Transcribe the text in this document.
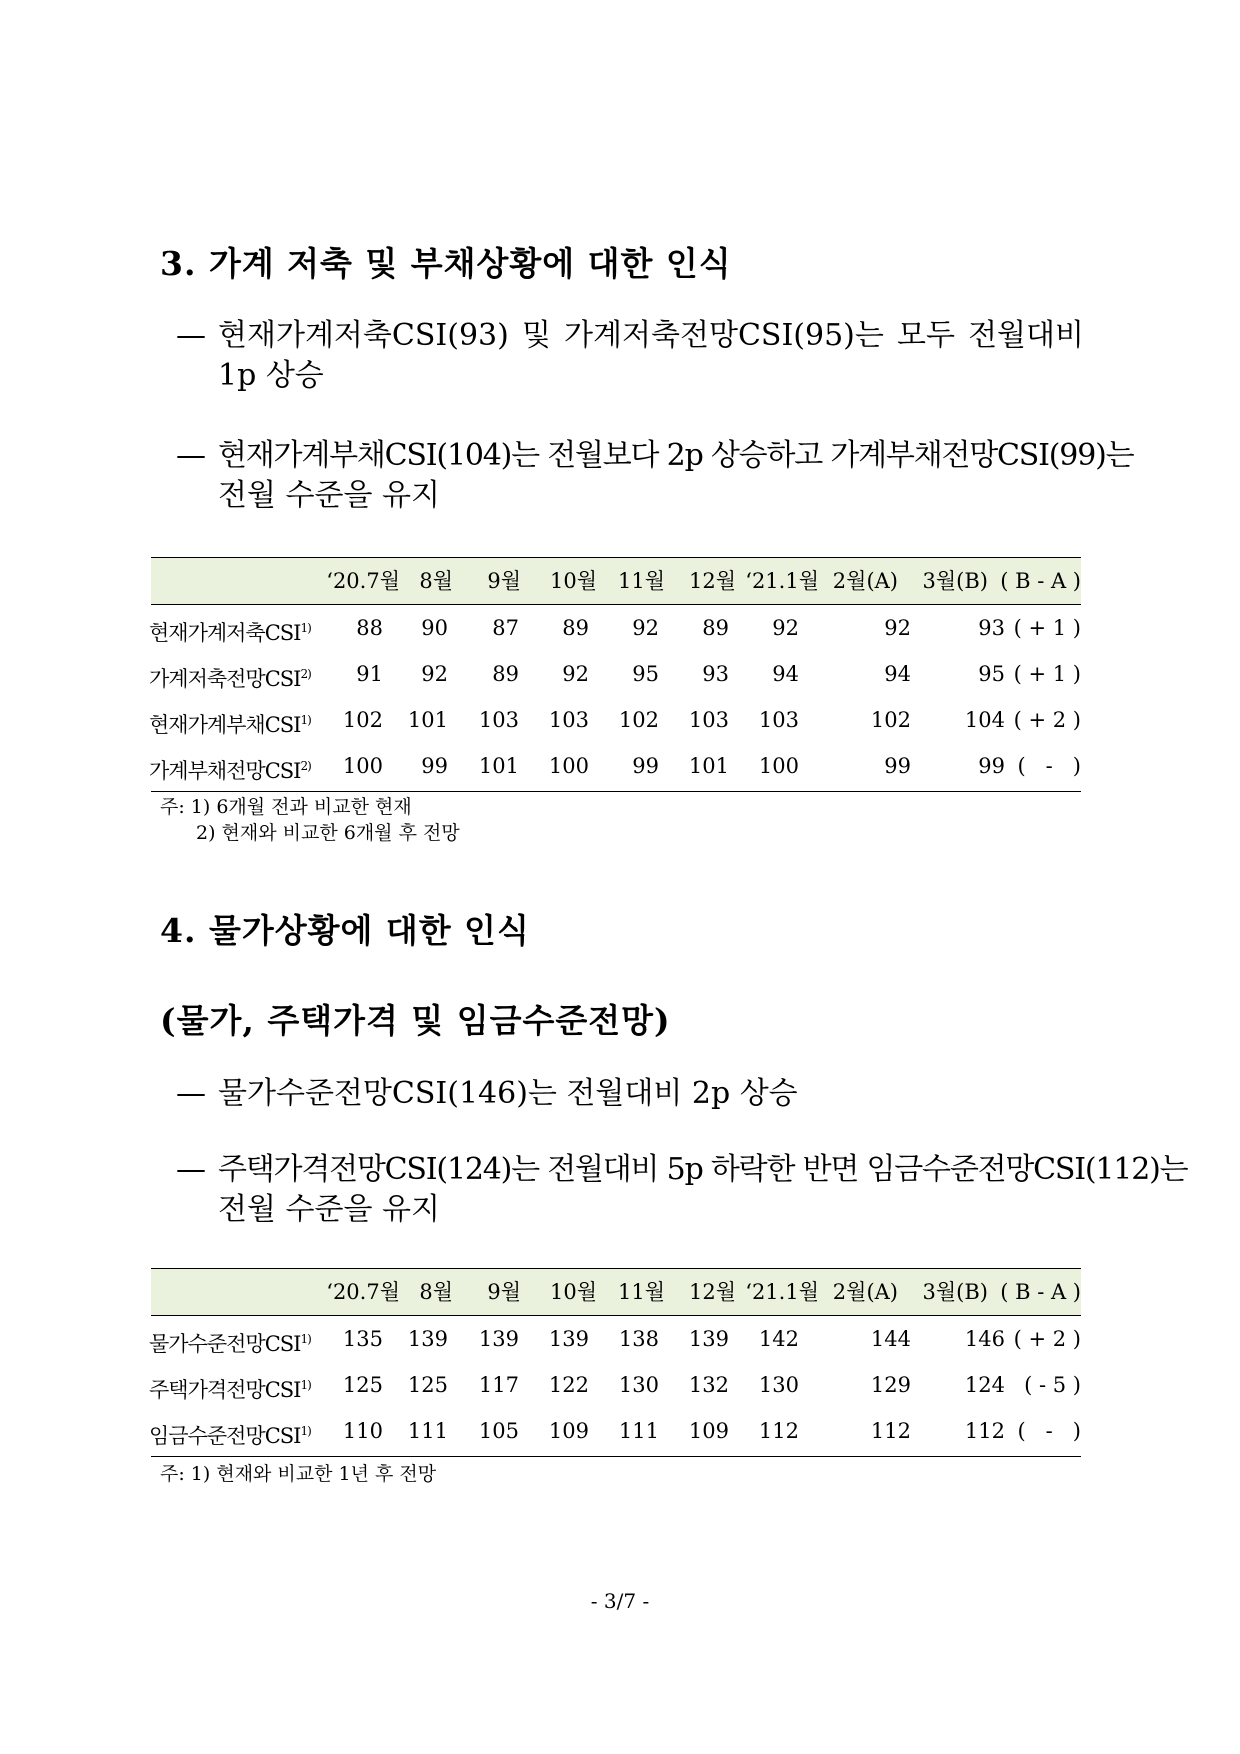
3. 가계 저축 및 부채상황에 대한 인식
— 현재가계저축CSI(93) 및 가계저축전망CSI(95)는 모두 전월대비
1p 상승
— 현재가계부채CSI(104)는 전월보다 2p 상승하고 가계부채전망CSI(99)는
전월 수준을 유지
‘20.7월 8월 9월 10월 11월 12월 ‘21.1월 2월(A) 3월(B) ( B - A )
현재가계저축CSI$^{1)}$ 88 90 87 89 92 89 92	92	93 ( + 1 )
가계저축전망CSI$^{2)}$ 91 92 89 92 95 93 94	94	95 ( + 1 )
현재가계부채CSI$^{1)}$ 102 101 103 103 102 103 103	102	104 ( + 2 )
가계부채전망CSI$^{2)}$ 100 99 101 100 99 101 100	99	99 (   -   )
주: 1) 6개월 전과 비교한 현재
2) 현재와 비교한 6개월 후 전망
4. 물가상황에 대한 인식
(물가, 주택가격 및 임금수준전망)
— 물가수준전망CSI(146)는 전월대비 2p 상승
— 주택가격전망CSI(124)는 전월대비 5p 하락한 반면 임금수준전망CSI(112)는
전월 수준을 유지
‘20.7월 8월 9월 10월 11월 12월 ‘21.1월 2월(A) 3월(B) ( B - A )
물가수준전망CSI$^{1)}$ 135 139 139 139 138 139 142	144	146 ( + 2 )
주택가격전망CSI$^{1)}$ 125 125 117 122 130 132 130	129	124 ( - 5 )
임금수준전망CSI$^{1)}$ 110 111 105 109 111 109 112	112	112 (   -   )
주: 1) 현재와 비교한 1년 후 전망
- 3/7 -
